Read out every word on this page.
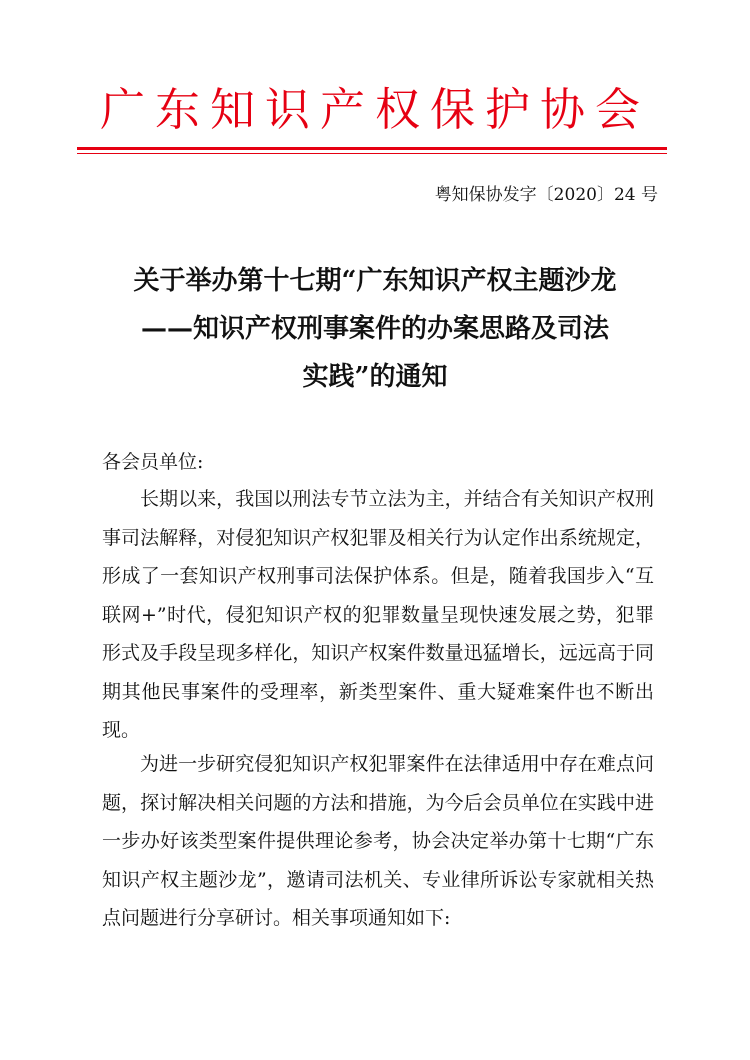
广东知识产权保护协会
粤知保协发字〔2020〕24 号
关于举办第十七期“广东知识产权主题沙龙
——知识产权刑事案件的办案思路及司法
实践”的通知
各会员单位:
长期以来，我国以刑法专节立法为主，并结合有关知识产权刑事司法解释，对侵犯知识产权犯罪及相关行为认定作出系统规定，形成了一套知识产权刑事司法保护体系。但是，随着我国步入“互联网+”时代，侵犯知识产权的犯罪数量呈现快速发展之势，犯罪形式及手段呈现多样化，知识产权案件数量迅猛增长，远远高于同期其他民事案件的受理率，新类型案件、重大疑难案件也不断出现。
为进一步研究侵犯知识产权犯罪案件在法律适用中存在难点问题，探讨解决相关问题的方法和措施，为今后会员单位在实践中进一步办好该类型案件提供理论参考，协会决定举办第十七期“广东知识产权主题沙龙”，邀请司法机关、专业律所诉讼专家就相关热点问题进行分享研讨。相关事项通知如下:
